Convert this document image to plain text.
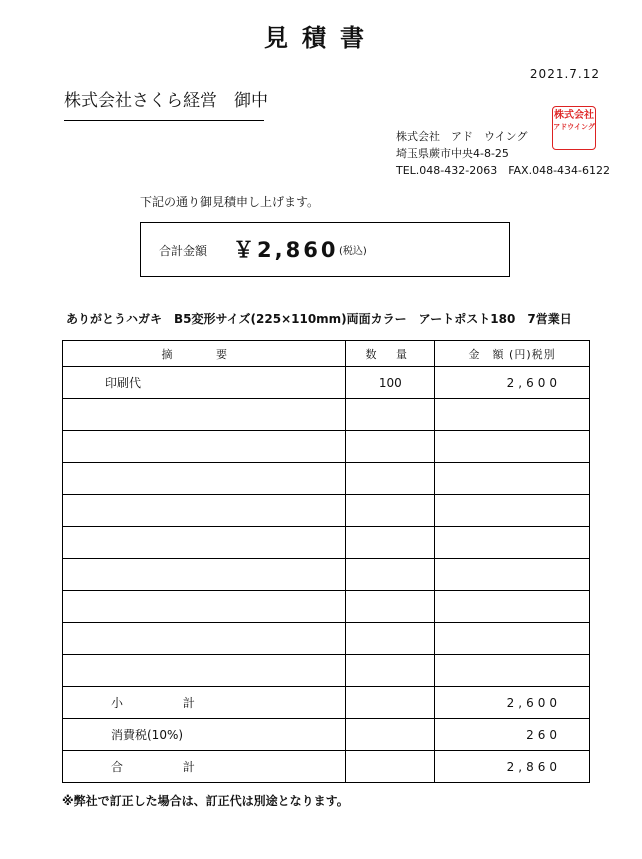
見積書
2021.7.12
株式会社さくら経営　御中
株式会社　アド　ウイング
埼玉県蕨市中央4-8-25
TEL.048-432-2063　FAX.048-434-6122
株式会社
アドウイング
下記の通り御見積申し上げます。
合計金額 ￥2,860 (税込)
ありがとうハガキ　B5変形サイズ(225×110mm)両面カラー　アートポスト180　7営業日
摘 要	数 量	金　額 (円)税別
印刷代	100	2,600

小 計		2,600
消費税(10%)		260
合 計		2,860
※弊社で訂正した場合は、訂正代は別途となります。
